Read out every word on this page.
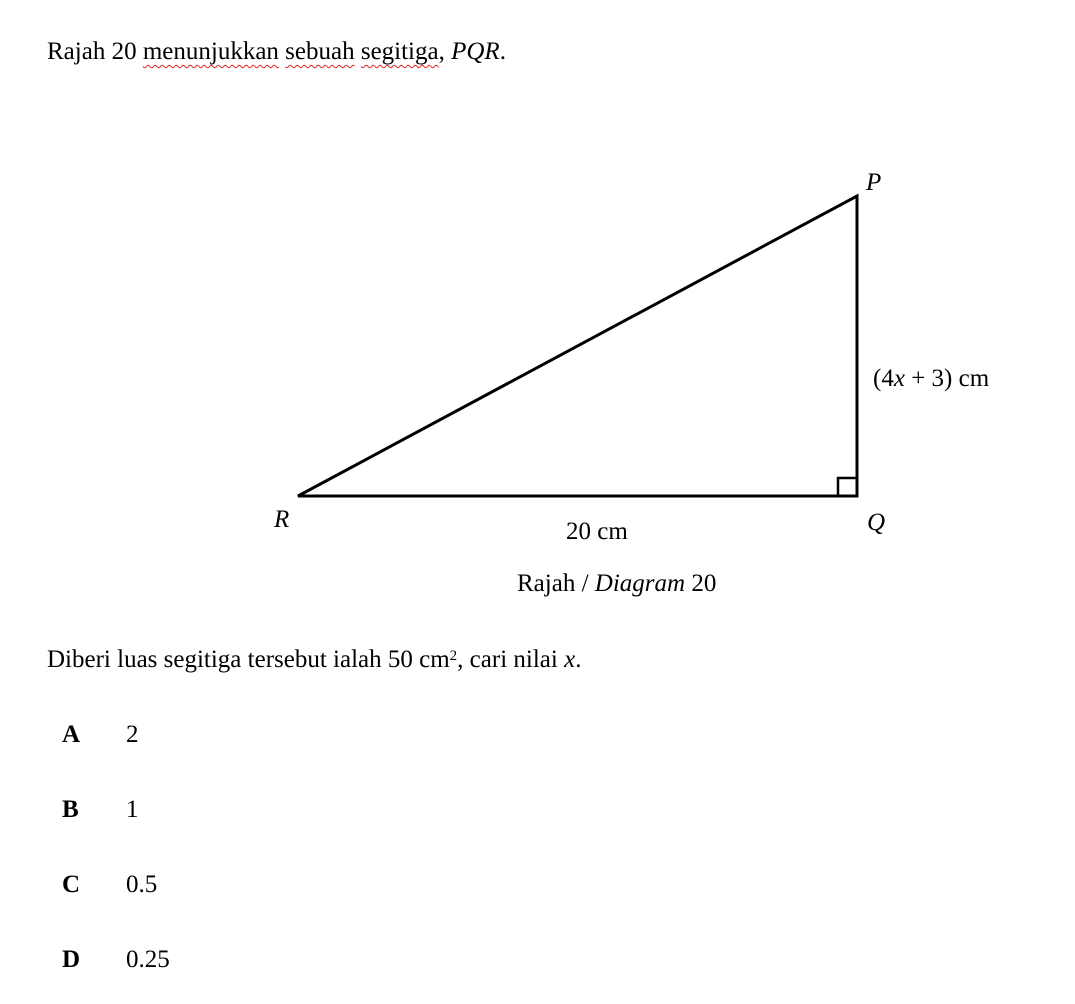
Rajah 20 menunjukkan sebuah segitiga, PQR.
P
Q
R
(4x + 3) cm
20 cm
Rajah / Diagram 20
Diberi luas segitiga tersebut ialah 50 $cm^2$, cari nilai x.
A 2
B 1
C 0.5
D 0.25
